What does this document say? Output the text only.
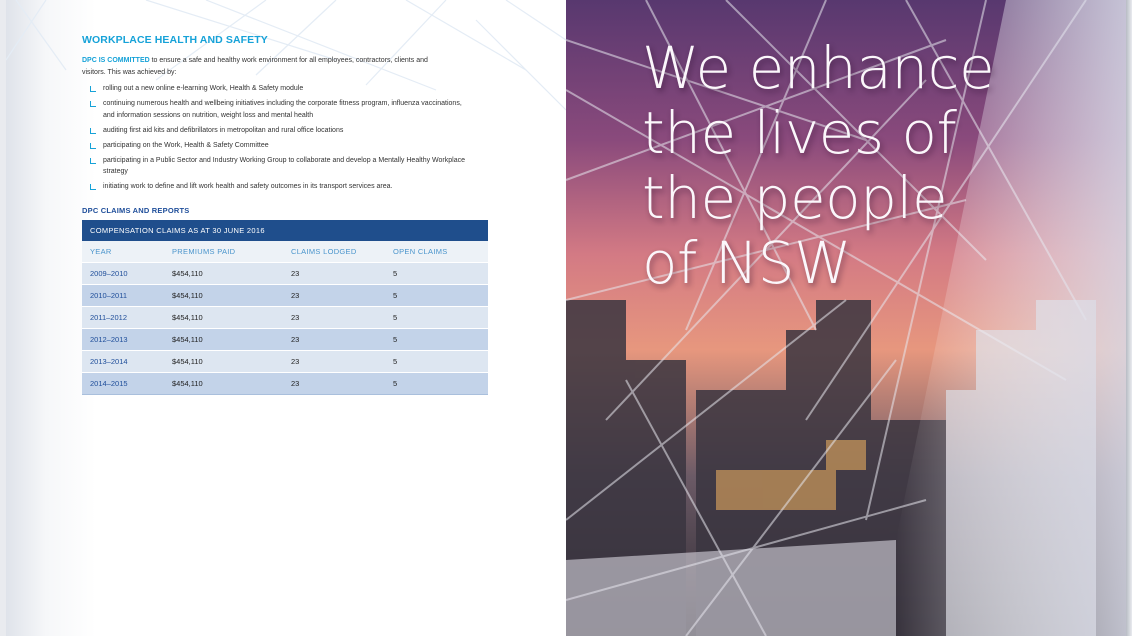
WORKPLACE HEALTH AND SAFETY

DPC IS COMMITTED to ensure a safe and healthy work environment for all employees, contractors, clients and visitors. This was achieved by:

rolling out a new online e-learning Work, Health & Safety module
continuing numerous health and wellbeing initiatives including the corporate fitness program, influenza vaccinations, and information sessions on nutrition, weight loss and mental health
auditing first aid kits and defibrillators in metropolitan and rural office locations
participating on the Work, Health & Safety Committee
participating in a Public Sector and Industry Working Group to collaborate and develop a Mentally Healthy Workplace strategy
initiating work to define and lift work health and safety outcomes in its transport services area.
DPC CLAIMS AND REPORTS
COMPENSATION CLAIMS AS AT 30 JUNE 2016
YEAR	PREMIUMS PAID	CLAIMS LODGED	OPEN CLAIMS
2009–2010	$454,110	23	5
2010–2011	$454,110	23	5
2011–2012	$454,110	23	5
2012–2013	$454,110	23	5
2013–2014	$454,110	23	5
2014–2015	$454,110	23	5
We enhance
the lives of
the people
of NSW
